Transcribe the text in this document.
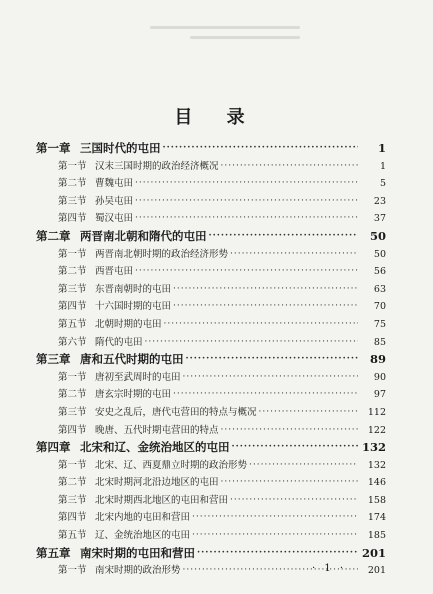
目 录
第一章 三国时代的屯田 ·····	1
第一节 汉末三国时期的政治经济概况 ·····	1
第二节 曹魏屯田 ·····	5
第三节 孙吴屯田 ·····	23
第四节 蜀汉屯田 ·····	37
第二章 两晋南北朝和隋代的屯田 ·····	50
第一节 两晋南北朝时期的政治经济形势 ·····	50
第二节 西晋屯田 ·····	56
第三节 东晋南朝时的屯田 ·····	63
第四节 十六国时期的屯田 ·····	70
第五节 北朝时期的屯田 ·····	75
第六节 隋代的屯田 ·····	85
第三章 唐和五代时期的屯田 ·····	89
第一节 唐初至武周时的屯田 ·····	90
第二节 唐玄宗时期的屯田 ·····	97
第三节 安史之乱后，唐代屯营田的特点与概况 ·····	112
第四节 晚唐、五代时期屯营田的特点 ·····	122
第四章 北宋和辽、金统治地区的屯田 ·····	132
第一节 北宋、辽、西夏鼎立时期的政治形势 ·····	132
第二节 北宋时期河北沿边地区的屯田 ·····	146
第三节 北宋时期西北地区的屯田和营田 ·····	158
第四节 北宋内地的屯田和营田 ·····	174
第五节 辽、金统治地区的屯田 ·····	185
第五章 南宋时期的屯田和营田 ·····	201
第一节 南宋时期的政治形势 ·····	201
· 1 ·
